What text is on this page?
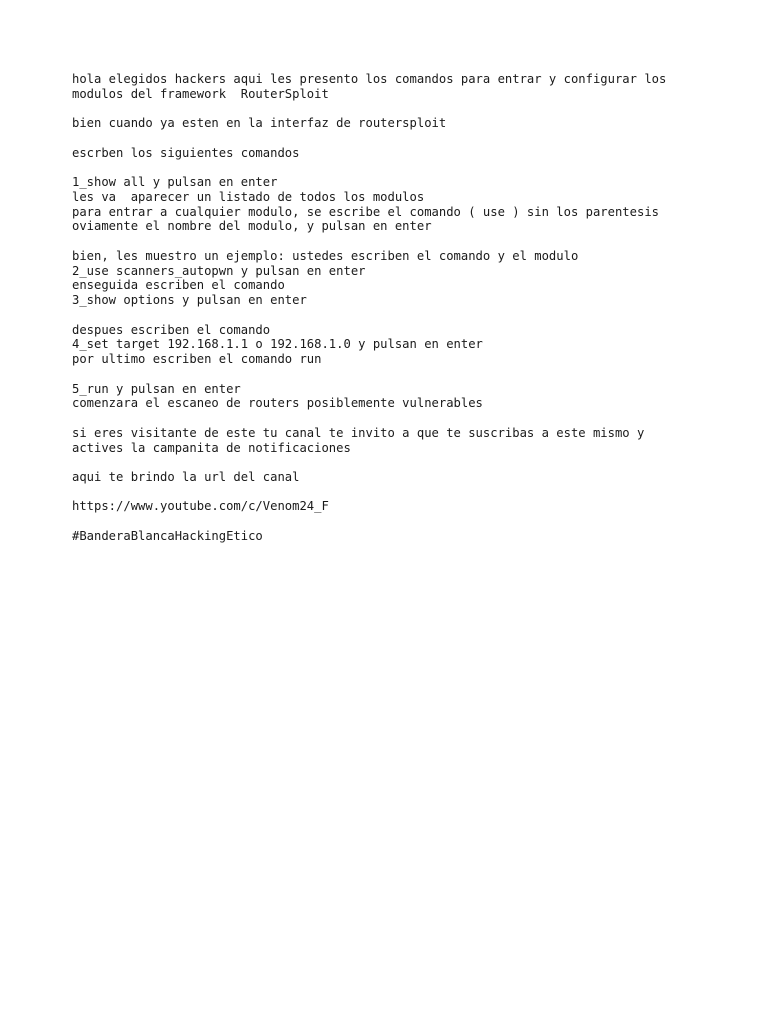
hola elegidos hackers aqui les presento los comandos para entrar y configurar los
modulos del framework  RouterSploit

bien cuando ya esten en la interfaz de routersploit

escrben los siguientes comandos

1_show all y pulsan en enter
les va  aparecer un listado de todos los modulos
para entrar a cualquier modulo, se escribe el comando ( use ) sin los parentesis
oviamente el nombre del modulo, y pulsan en enter

bien, les muestro un ejemplo: ustedes escriben el comando y el modulo
2_use scanners_autopwn y pulsan en enter
enseguida escriben el comando
3_show options y pulsan en enter

despues escriben el comando
4_set target 192.168.1.1 o 192.168.1.0 y pulsan en enter
por ultimo escriben el comando run

5_run y pulsan en enter
comenzara el escaneo de routers posiblemente vulnerables

si eres visitante de este tu canal te invito a que te suscribas a este mismo y
actives la campanita de notificaciones

aqui te brindo la url del canal

https://www.youtube.com/c/Venom24_F

#BanderaBlancaHackingEtico
